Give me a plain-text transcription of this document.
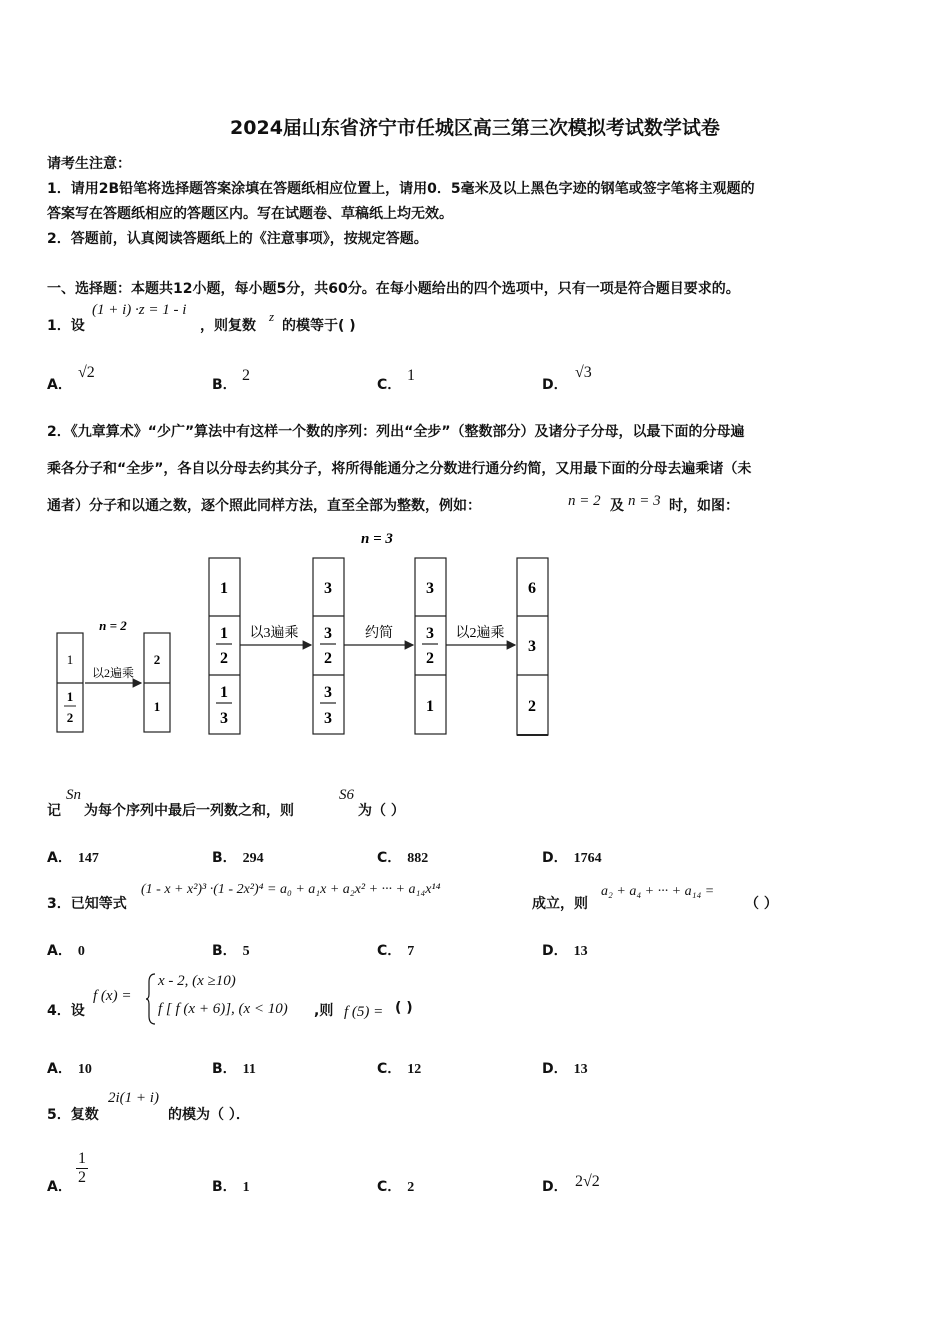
2024届山东省济宁市任城区高三第三次模拟考试数学试卷
请考生注意：
1．请用2B铅笔将选择题答案涂填在答题纸相应位置上，请用0．5毫米及以上黑色字迹的钢笔或签字笔将主观题的
答案写在答题纸相应的答题区内。写在试题卷、草稿纸上均无效。
2．答题前，认真阅读答题纸上的《注意事项》，按规定答题。
一、选择题：本题共12小题，每小题5分，共60分。在每小题给出的四个选项中，只有一项是符合题目要求的。
1．设
(1 + i) ·z = 1 - i
，则复数
z
的模等于( )
A．
√2
B．
2
C．
1
D．
√3
2．《九章算术》“少广”算法中有这样一个数的序列：列出“全步”（整数部分）及诸分子分母，以最下面的分母遍
乘各分子和“全步”，各自以分母去约其分子，将所得能通分之分数进行通分约简，又用最下面的分母去遍乘诸（未
通者）分子和以通之数，逐个照此同样方法，直至全部为整数，例如：	n = 2 及 n = 3 时，如图：
n = 3
n = 2
1
1
2
以2遍乘
2
1
1
1
2
1
3
以3遍乘
3
3
2
3
3
约简
3
3
2
1
以2遍乘
6
3
2
记
Sn
为每个序列中最后一列数之和，则
S6
为（ ）
A． 147	B． 294	C． 882	D． 1764
3．已知等式
(1 - x + x²)³ ·(1 - 2x²)⁴ = a₀ + a₁x + a₂x² + ··· + a₁₄x¹⁴
成立，则
a₂ + a₄ + ··· + a₁₄ =
（ ）
A． 0	B． 5	C． 7	D． 13
4．设
f (x) =
x - 2, (x ≥10)
f [ f (x + 6)], (x < 10) ,则 f (5) = ( )
A． 10	B． 11	C． 12	D． 13
5．复数
2i(1 + i)
的模为（ ）．
A． $\frac{1}{2}$	B． 1	C． 2	D． 2√2
